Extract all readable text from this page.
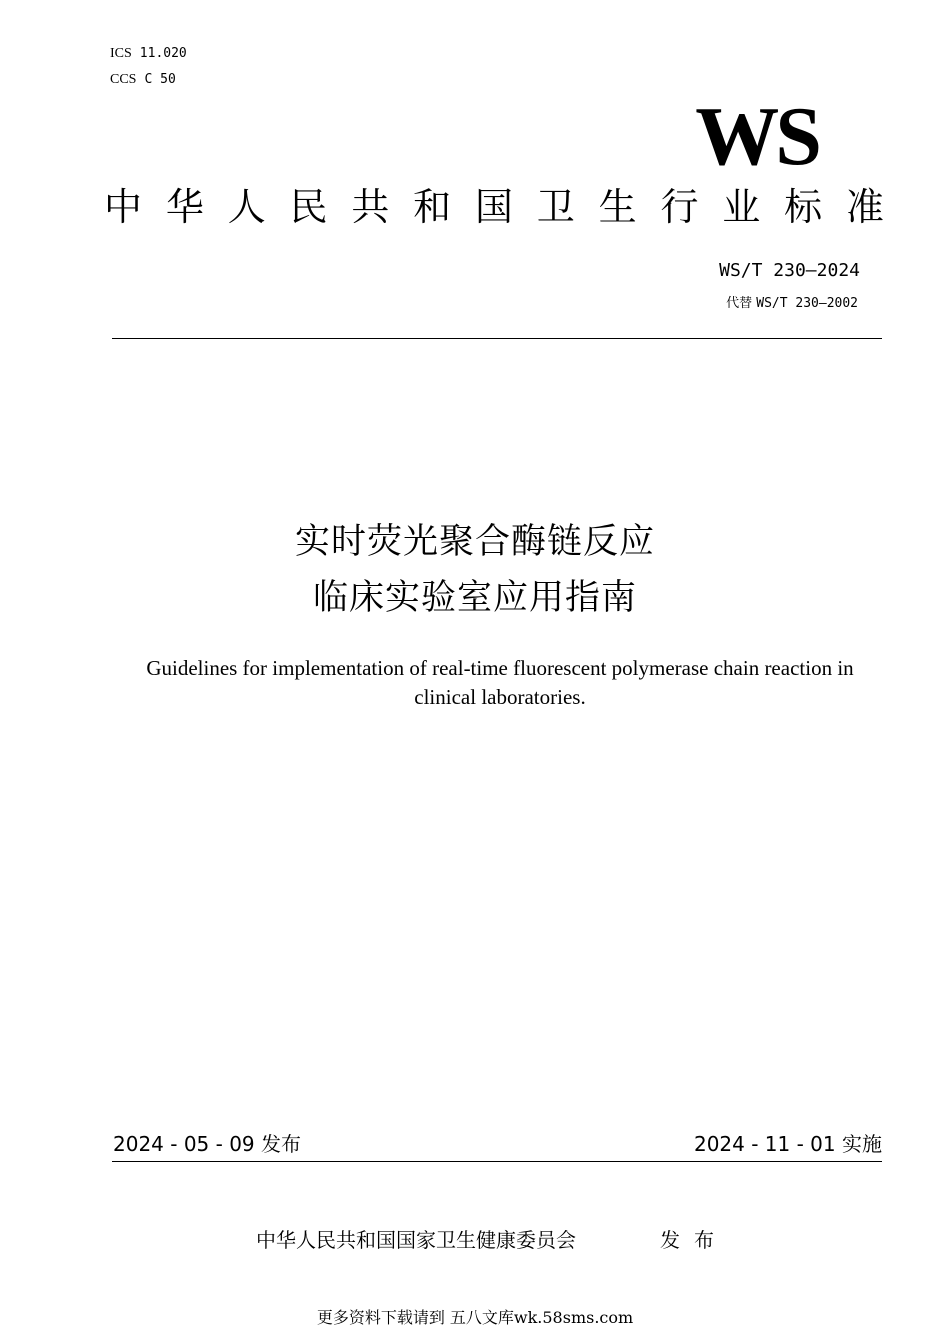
ICS 11.020
CCS C 50
WS
中 华 人 民 共 和 国 卫 生 行 业 标 准
WS/T 230—2024
代替 WS/T 230—2002
实时荧光聚合酶链反应
临床实验室应用指南
Guidelines for implementation of real-time fluorescent polymerase chain reaction in clinical laboratories.
2024 - 05 - 09 发布	2024 - 11 - 01 实施
中华人民共和国国家卫生健康委员会	发布
更多资料下载请到 五八文库wk.58sms.com
